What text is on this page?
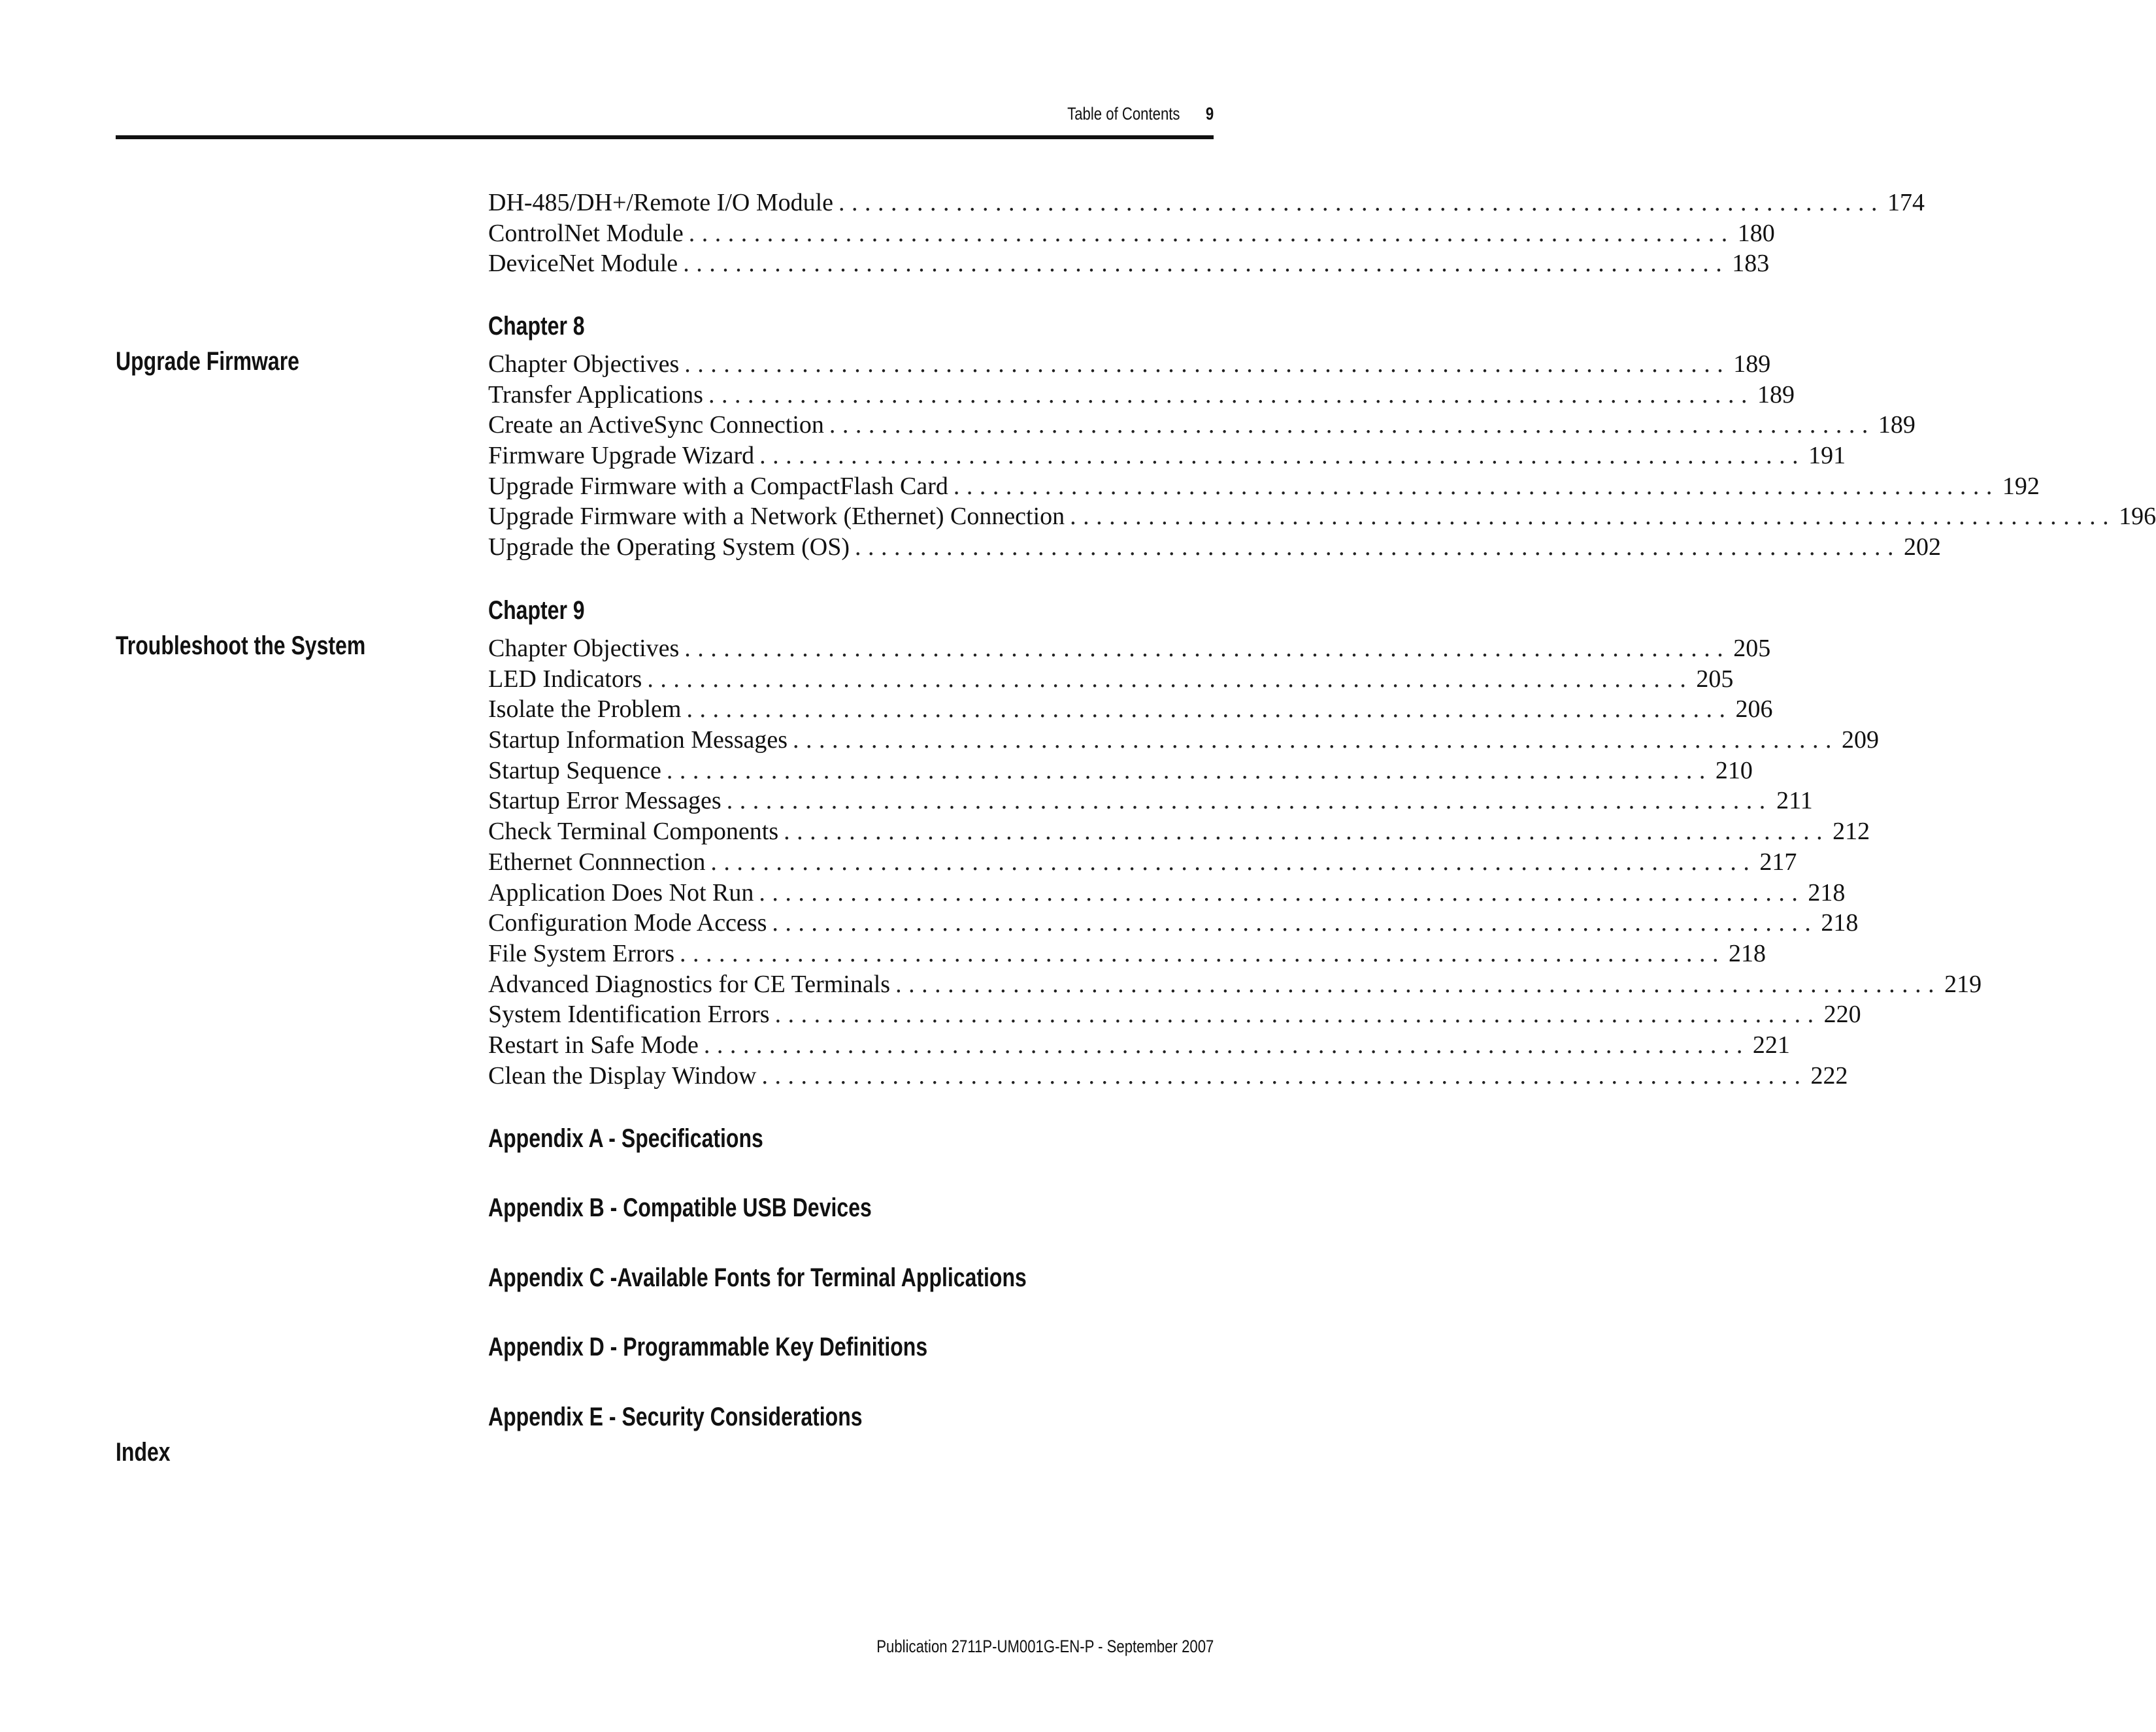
Table of Contents 9
DH-485/DH+/Remote I/O Module ................................................................................ 174
ControlNet Module ................................................................................ 180
DeviceNet Module ................................................................................ 183
Chapter 8
Upgrade Firmware	Chapter Objectives ................................................................................ 189
Transfer Applications ................................................................................ 189
Create an ActiveSync Connection ................................................................................ 189
Firmware Upgrade Wizard ................................................................................ 191
Upgrade Firmware with a CompactFlash Card ................................................................................ 192
Upgrade Firmware with a Network (Ethernet) Connection ................................................................................ 196
Upgrade the Operating System (OS) ................................................................................ 202
Chapter 9
Troubleshoot the System	Chapter Objectives ................................................................................ 205
LED Indicators ................................................................................ 205
Isolate the Problem ................................................................................ 206
Startup Information Messages ................................................................................ 209
Startup Sequence ................................................................................ 210
Startup Error Messages ................................................................................ 211
Check Terminal Components ................................................................................ 212
Ethernet Connnection ................................................................................ 217
Application Does Not Run ................................................................................ 218
Configuration Mode Access ................................................................................ 218
File System Errors ................................................................................ 218
Advanced Diagnostics for CE Terminals ................................................................................ 219
System Identification Errors ................................................................................ 220
Restart in Safe Mode ................................................................................ 221
Clean the Display Window ................................................................................ 222
Appendix A - Specifications
Appendix B - Compatible USB Devices
Appendix C -Available Fonts for Terminal Applications
Appendix D - Programmable Key Definitions
Appendix E - Security Considerations
Index
Publication 2711P-UM001G-EN-P - September 2007
